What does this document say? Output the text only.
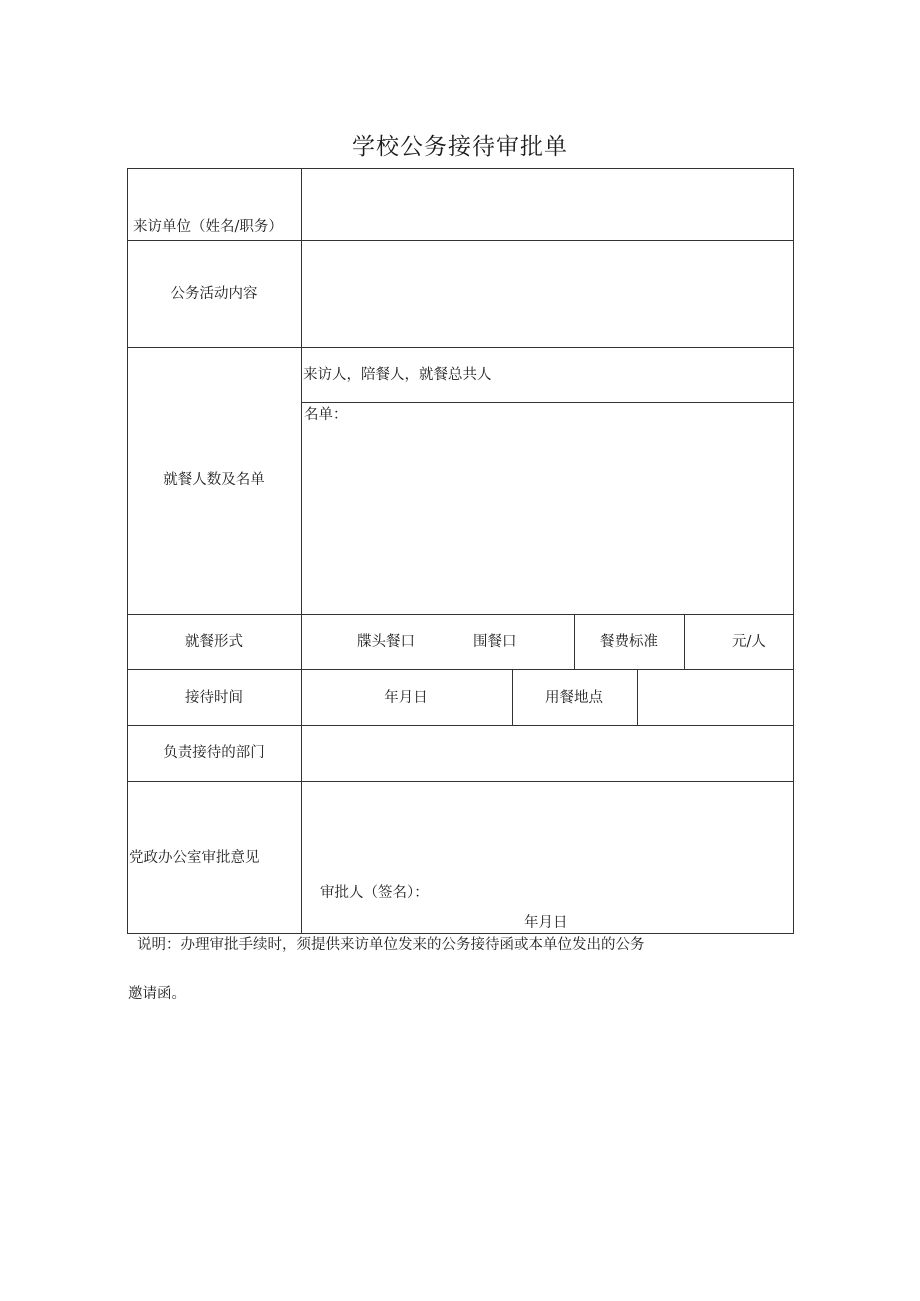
学校公务接待审批单
来访单位（姓名/职务）
公务活动内容
就餐人数及名单
来访人，陪餐人，就餐总共人
名单：
就餐形式	牒头餐口	围餐口	餐费标准	元/人
接待时间	年月日	用餐地点
负责接待的部门
党政办公室审批意见
审批人（签名）：
年月日
说明：办理审批手续时，须提供来访单位发来的公务接待函或本单位发出的公务
邀请函。
